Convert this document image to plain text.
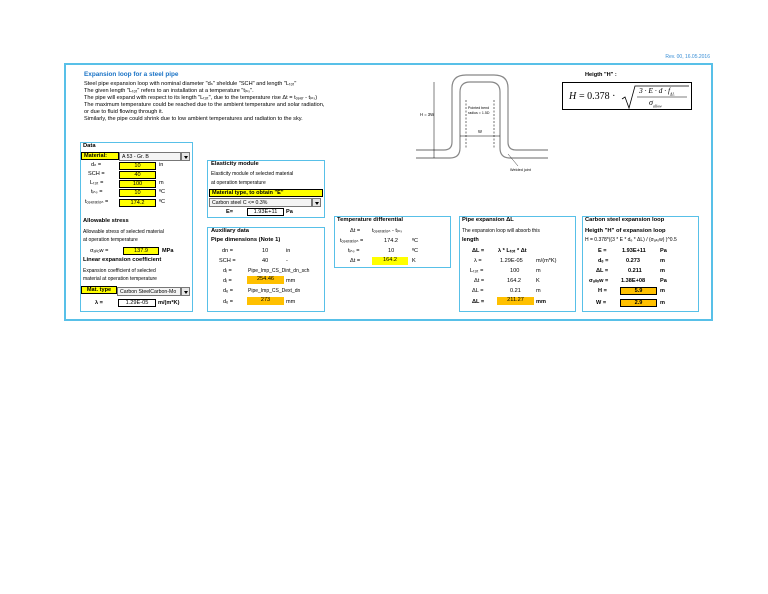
Rev. 00, 16.05.2016
Expansion loop for a steel pipe
Steel pipe expansion loop with nominal diameter "dₙ" sheldule "SCH" and length "Lₜₒₜ"
The given length "Lₜₒₜ" refers to an installation at a temperature "tᵢₙₛ".
The pipe will expand with respect to its length "Lₜₒₜ", due to the temperature rise Δt = tₒₚₑᵣ - tᵢₙₛ)
The maximum temperature could be reached due to the ambient temperature and solar radiation,
or due to fluid flowing through it.
Similarly, the pipe could shrink due to low ambient temperatures and radiation to the sky.
H = 3W
Pointed bend
radius = 1.5D
W
Welded joint
Heigth "H" :
H = 0.378 ·
$3 \cdot E \cdot d \cdot f_{\Delta L}$
$\sigma_{allow}$
Data
Material:	A 53 - Gr. B
dₙ =	10	in
SCH =	40
Lₜₒₜ =	100	m
tᵢₙₛ =	10	ºC
tₒₚₑᵣₐₜᵢₒₙ =	174.2	ºC
Allowable stress
Allowable stress of selected material
at operation temperature
σₐₗₗₒw =	137.9	MPa
Linear expansion coefficient
Expansion coefficient of selected
material at operation temperature
Mat. type	Carbon SteelCarbon-Mo
λ =	1.29E-05	m/(m*K)
Elasticity module
Elasticity module of selected material
at operation temperature
Material type, to obtain "E"
Carbon steel C <= 0.3%
E=	1.93E+11	Pa
Auxiliary data
Pipe dimensions (Note 1)
dn =	10	in
SCH =	40	-
dᵢ =	Pipe_Imp_CS_Dint_dn_sch
dᵢ =	254.46	mm
dₑ =	Pipe_Imp_CS_Dext_dn
dₑ =	273	mm
Temperature differential
Δt = tₒₚₑᵣₐₜᵢₒₙ - tᵢₙₛ
tₒₚₑᵣₐₜᵢₒₙ =	174.2	ºC
tᵢₙₛ =	10	ºC
Δt =	164.2	K
Pipe expansion ΔL
The expansion loop will absorb this
length
ΔL = λ * Lₜₒₜ * Δt
λ =	1.29E-05 m/(m*K)
Lₜₒₜ =	100	m
Δt =	164.2	K
ΔL =	0.21	m
ΔL =	211.27	mm
Carbon steel expansion loop
Heigth "H" of expansion loop
H = 0.378*((3 * E * dₑ * ΔL) / (σₐₗₗₒw) )^0.5
E =	1.93E+11	Pa
dₑ =	0.273	m
ΔL =	0.211	m
σₐₗₗₒw = 1.38E+08	Pa
H =	5.9	m
W =	2.9	m
